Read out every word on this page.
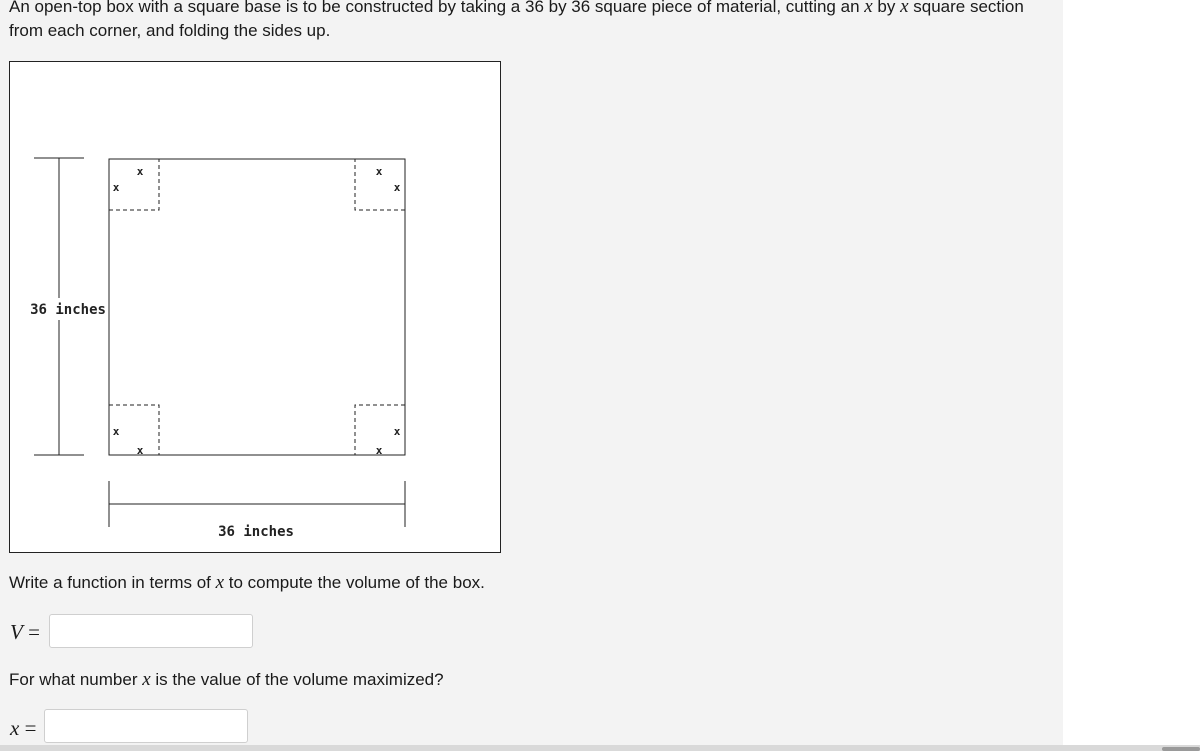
An open-top box with a square base is to be constructed by taking a 36 by 36 square piece of material, cutting an x by x square section from each corner, and folding the sides up.
x
x
x
x
x
x
x
x
36 inches
36 inches
Write a function in terms of x to compute the volume of the box.
V =
For what number x is the value of the volume maximized?
x =
